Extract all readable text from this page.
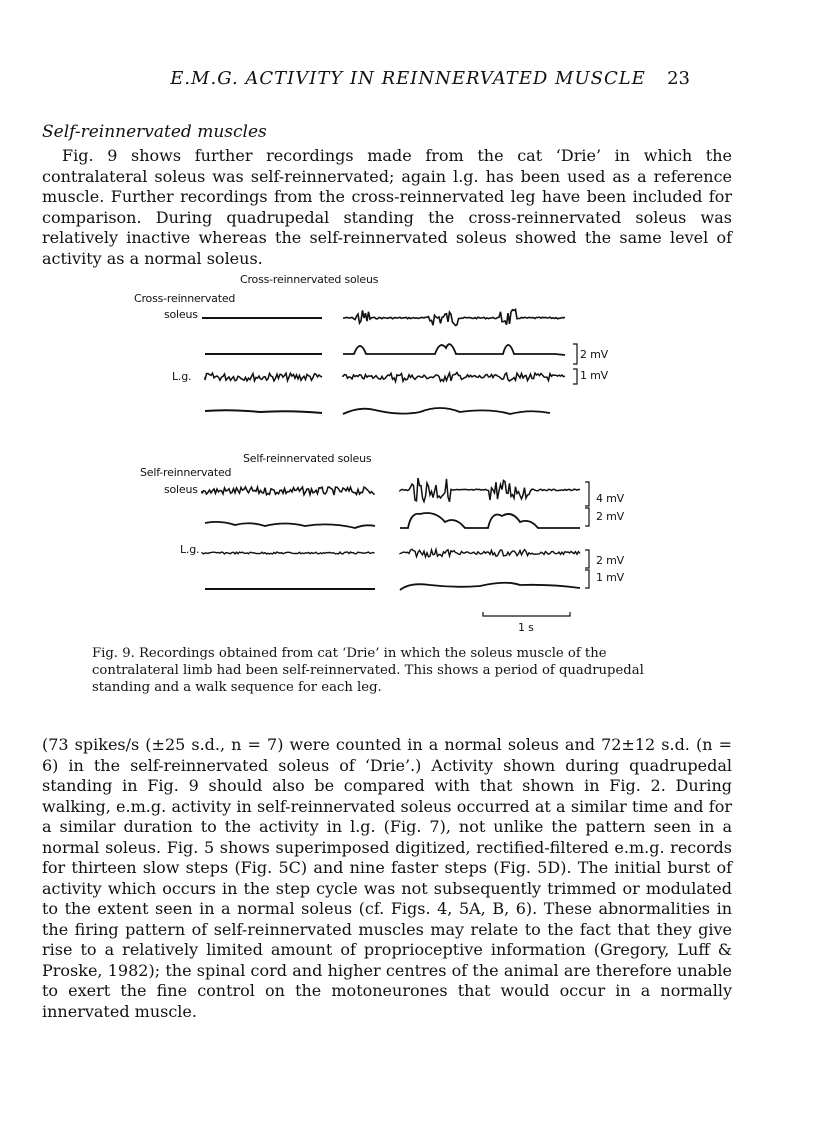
E.M.G. ACTIVITY IN REINNERVATED MUSCLE	23
Self-reinnervated muscles
Fig. 9 shows further recordings made from the cat ‘Drie’ in which the contralateral soleus was self-reinnervated; again l.g. has been used as a reference muscle. Further recordings from the cross-reinnervated leg have been included for comparison. During quadrupedal standing the cross-reinnervated soleus was relatively inactive whereas the self-reinnervated soleus showed the same level of activity as a normal soleus.
Cross-reinnervated soleus
Cross-reinnervated
soleus
L.g.
2 mV
1 mV
Self-reinnervated soleus
Self-reinnervated
soleus
L.g.
4 mV
2 mV
2 mV
1 mV
1 s
Fig. 9. Recordings obtained from cat ‘Drie’ in which the soleus muscle of the contralateral limb had been self-reinnervated. This shows a period of quadrupedal standing and a walk sequence for each leg.
(73 spikes/s (±25 s.d., n = 7) were counted in a normal soleus and 72±12 s.d. (n = 6) in the self-reinnervated soleus of ‘Drie’.) Activity shown during quadrupedal standing in Fig. 9 should also be compared with that shown in Fig. 2. During walking, e.m.g. activity in self-reinnervated soleus occurred at a similar time and for a similar duration to the activity in l.g. (Fig. 7), not unlike the pattern seen in a normal soleus. Fig. 5 shows superimposed digitized, rectified-filtered e.m.g. records for thirteen slow steps (Fig. 5C) and nine faster steps (Fig. 5D). The initial burst of activity which occurs in the step cycle was not subsequently trimmed or modulated to the extent seen in a normal soleus (cf. Figs. 4, 5A, B, 6). These abnormalities in the firing pattern of self-reinnervated muscles may relate to the fact that they give rise to a relatively limited amount of proprioceptive information (Gregory, Luff & Proske, 1982); the spinal cord and higher centres of the animal are therefore unable to exert the fine control on the motoneurones that would occur in a normally innervated muscle.
